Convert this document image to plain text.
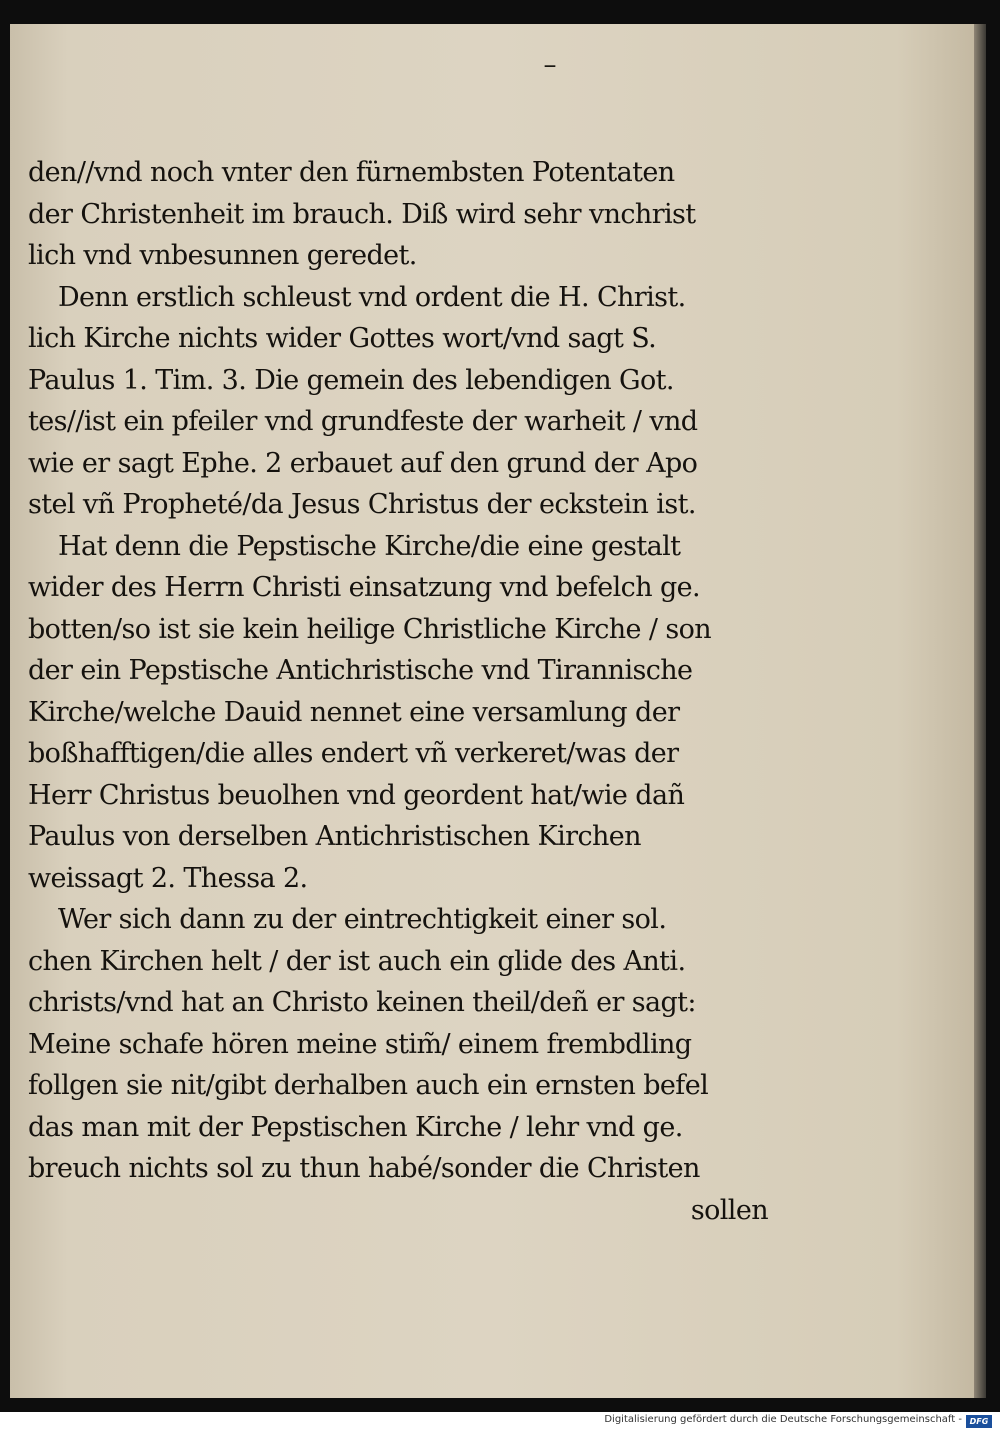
–
den//vnd noch vnter den fürnembsten Potentaten
der Christenheit im brauch. Diß wird sehr vnchrist
lich vnd vnbesunnen geredet.
Denn erstlich schleust vnd ordent die H. Christ.
lich Kirche nichts wider Gottes wort/vnd sagt S.
Paulus 1. Tim. 3. Die gemein des lebendigen Got.
tes//ist ein pfeiler vnd grundfeste der warheit / vnd
wie er sagt Ephe. 2 erbauet auf den grund der Apo
stel vñ Propheté/da Jesus Christus der eckstein ist.
Hat denn die Pepstische Kirche/die eine gestalt
wider des Herrn Christi einsatzung vnd befelch ge.
botten/so ist sie kein heilige Christliche Kirche / son
der ein Pepstische Antichristische vnd Tirannische
Kirche/welche Dauid nennet eine versamlung der
boßhafftigen/die alles endert vñ verkeret/was der
Herr Christus beuolhen vnd geordent hat/wie dañ
Paulus von derselben Antichristischen Kirchen
weissagt 2. Thessa 2.
Wer sich dann zu der eintrechtigkeit einer sol.
chen Kirchen helt / der ist auch ein glide des Anti.
christs/vnd hat an Christo keinen theil/deñ er sagt:
Meine schafe hören meine stim̃/ einem frembdling
follgen sie nit/gibt derhalben auch ein ernsten befel
das man mit der Pepstischen Kirche / lehr vnd ge.
breuch nichts sol zu thun habé/sonder die Christen
sollen
Digitalisierung gefördert durch die Deutsche Forschungsgemeinschaft - DFG
